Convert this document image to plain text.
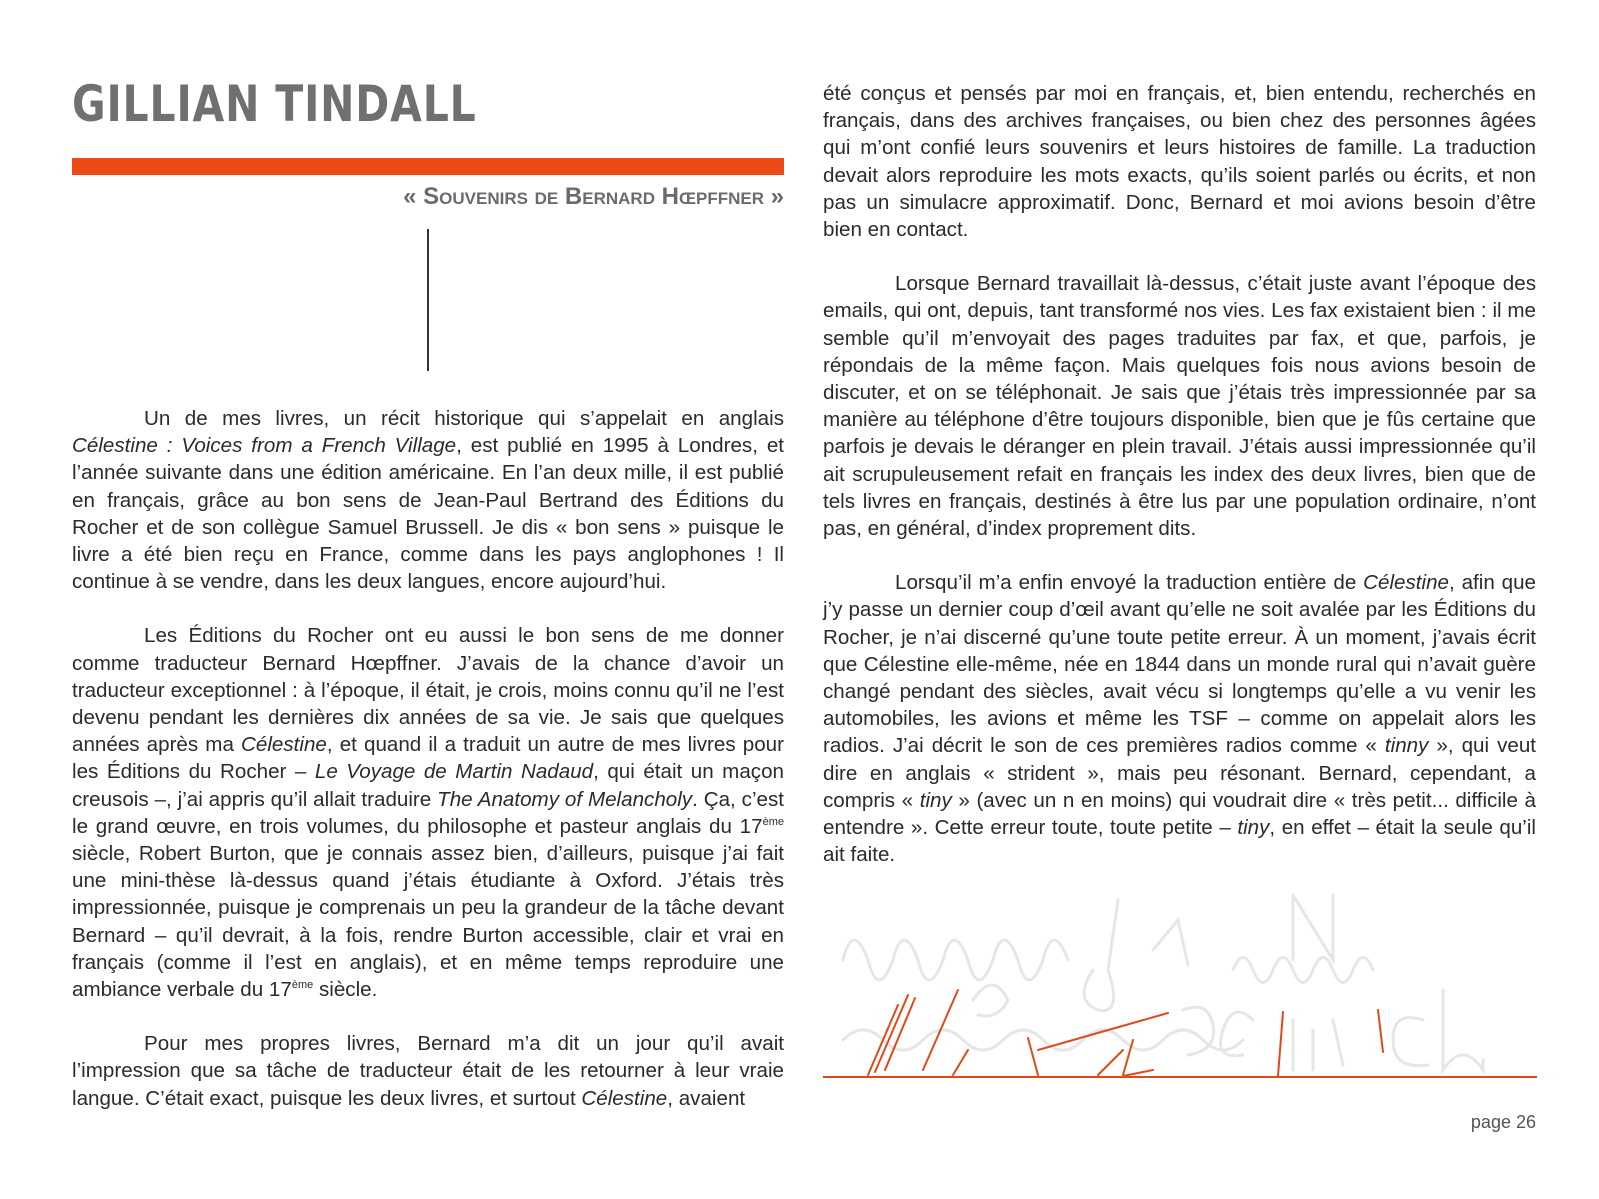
GILLIAN TINDALL
« Souvenirs de Bernard Hœpffner »

Un de mes livres, un récit historique qui s’appelait en anglais Célestine : Voices from a French Village, est publié en 1995 à Londres, et l’année suivante dans une édition américaine. En l’an deux mille, il est publié en français, grâce au bon sens de Jean-Paul Bertrand des Éditions du Rocher et de son collègue Samuel Brussell. Je dis « bon sens » puisque le livre a été bien reçu en France, comme dans les pays anglophones ! Il continue à se vendre, dans les deux langues, encore aujourd’hui.

Les Éditions du Rocher ont eu aussi le bon sens de me donner comme traducteur Bernard Hœpffner. J’avais de la chance d’avoir un traducteur exceptionnel : à l’époque, il était, je crois, moins connu qu’il ne l’est devenu pendant les dernières dix années de sa vie. Je sais que quelques années après ma Célestine, et quand il a traduit un autre de mes livres pour les Éditions du Rocher – Le Voyage de Martin Nadaud, qui était un maçon creusois –, j’ai appris qu’il allait traduire The Anatomy of Melancholy. Ça, c’est le grand œuvre, en trois volumes, du philosophe et pasteur anglais du 17ème siècle, Robert Burton, que je connais assez bien, d’ailleurs, puisque j’ai fait une mini-thèse là-dessus quand j’étais étudiante à Oxford. J’étais très impressionnée, puisque je comprenais un peu la grandeur de la tâche devant Bernard – qu’il devrait, à la fois, rendre Burton accessible, clair et vrai en français (comme il l’est en anglais), et en même temps reproduire une ambiance verbale du 17ème siècle.

Pour mes propres livres, Bernard m’a dit un jour qu’il avait l’impression que sa tâche de traducteur était de les retourner à leur vraie langue. C’était exact, puisque les deux livres, et surtout Célestine, avaient

été conçus et pensés par moi en français, et, bien entendu, recherchés en français, dans des archives françaises, ou bien chez des personnes âgées qui m’ont confié leurs souvenirs et leurs histoires de famille. La traduction devait alors reproduire les mots exacts, qu’ils soient parlés ou écrits, et non pas un simulacre approximatif. Donc, Bernard et moi avions besoin d’être bien en contact.

Lorsque Bernard travaillait là-dessus, c’était juste avant l’époque des emails, qui ont, depuis, tant transformé nos vies. Les fax existaient bien : il me semble qu’il m’envoyait des pages traduites par fax, et que, parfois, je répondais de la même façon. Mais quelques fois nous avions besoin de discuter, et on se téléphonait. Je sais que j’étais très impressionnée par sa manière au téléphone d’être toujours disponible, bien que je fûs certaine que parfois je devais le déranger en plein travail. J’étais aussi impressionnée qu’il ait scrupuleusement refait en français les index des deux livres, bien que de tels livres en français, destinés à être lus par une population ordinaire, n’ont pas, en général, d’index proprement dits.

Lorsqu’il m’a enfin envoyé la traduction entière de Célestine, afin que j’y passe un dernier coup d’œil avant qu’elle ne soit avalée par les Éditions du Rocher, je n’ai discerné qu’une toute petite erreur. À un moment, j’avais écrit que Célestine elle-même, née en 1844 dans un monde rural qui n’avait guère changé pendant des siècles, avait vécu si longtemps qu’elle a vu venir les automobiles, les avions et même les TSF – comme on appelait alors les radios. J’ai décrit le son de ces premières radios comme « tinny », qui veut dire en anglais « strident », mais peu résonant. Bernard, cependant, a compris « tiny » (avec un n en moins) qui voudrait dire « très petit... difficile à entendre ». Cette erreur toute, toute petite – tiny, en effet – était la seule qu’il ait faite.

page 26
